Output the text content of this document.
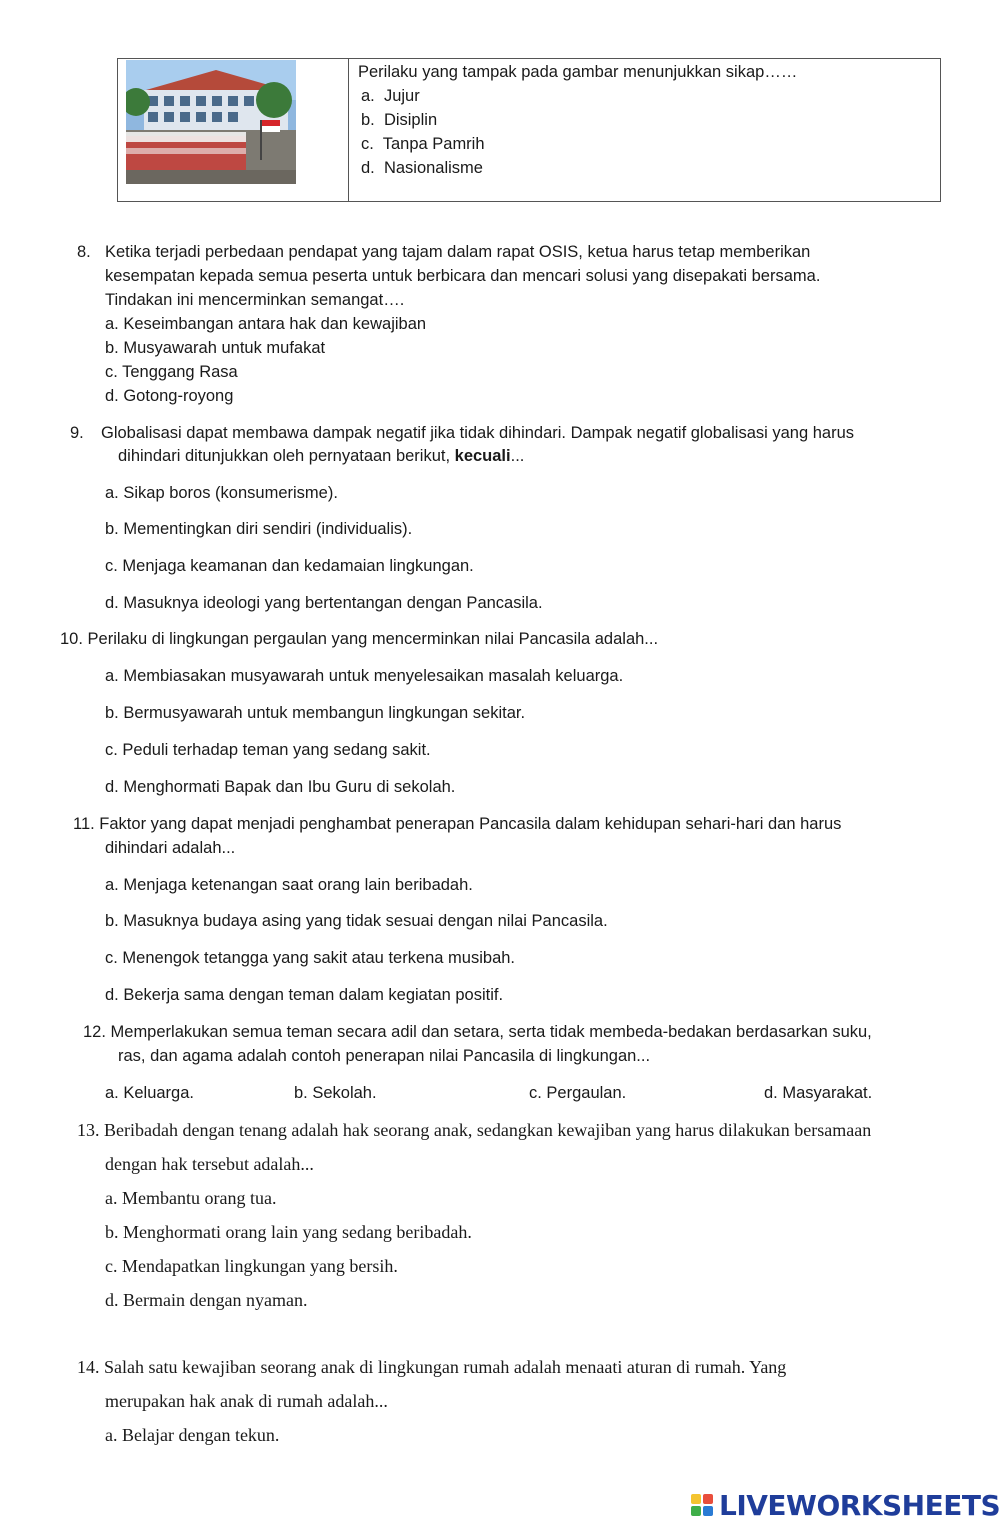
Perilaku yang tampak pada gambar menunjukkan sikap……
a. Jujur
b. Disiplin
c. Tanpa Pamrih
d. Nasionalisme
8. Ketika terjadi perbedaan pendapat yang tajam dalam rapat OSIS, ketua harus tetap memberikan
kesempatan kepada semua peserta untuk berbicara dan mencari solusi yang disepakati bersama.
Tindakan ini mencerminkan semangat….
a. Keseimbangan antara hak dan kewajiban
b. Musyawarah untuk mufakat
c. Tenggang Rasa
d. Gotong-royong
9. Globalisasi dapat membawa dampak negatif jika tidak dihindari. Dampak negatif globalisasi yang harus
dihindari ditunjukkan oleh pernyataan berikut, kecuali...
a. Sikap boros (konsumerisme).
b. Mementingkan diri sendiri (individualis).
c. Menjaga keamanan dan kedamaian lingkungan.
d. Masuknya ideologi yang bertentangan dengan Pancasila.
10. Perilaku di lingkungan pergaulan yang mencerminkan nilai Pancasila adalah...
a. Membiasakan musyawarah untuk menyelesaikan masalah keluarga.
b. Bermusyawarah untuk membangun lingkungan sekitar.
c. Peduli terhadap teman yang sedang sakit.
d. Menghormati Bapak dan Ibu Guru di sekolah.
11. Faktor yang dapat menjadi penghambat penerapan Pancasila dalam kehidupan sehari-hari dan harus
dihindari adalah...
a. Menjaga ketenangan saat orang lain beribadah.
b. Masuknya budaya asing yang tidak sesuai dengan nilai Pancasila.
c. Menengok tetangga yang sakit atau terkena musibah.
d. Bekerja sama dengan teman dalam kegiatan positif.
12. Memperlakukan semua teman secara adil dan setara, serta tidak membeda-bedakan berdasarkan suku,
ras, dan agama adalah contoh penerapan nilai Pancasila di lingkungan...
a. Keluarga.	b. Sekolah.	c. Pergaulan.	d. Masyarakat.
13. Beribadah dengan tenang adalah hak seorang anak, sedangkan kewajiban yang harus dilakukan bersamaan
dengan hak tersebut adalah...
a. Membantu orang tua.
b. Menghormati orang lain yang sedang beribadah.
c. Mendapatkan lingkungan yang bersih.
d. Bermain dengan nyaman.
14. Salah satu kewajiban seorang anak di lingkungan rumah adalah menaati aturan di rumah. Yang
merupakan hak anak di rumah adalah...
a. Belajar dengan tekun.
LIVEWORKSHEETS
